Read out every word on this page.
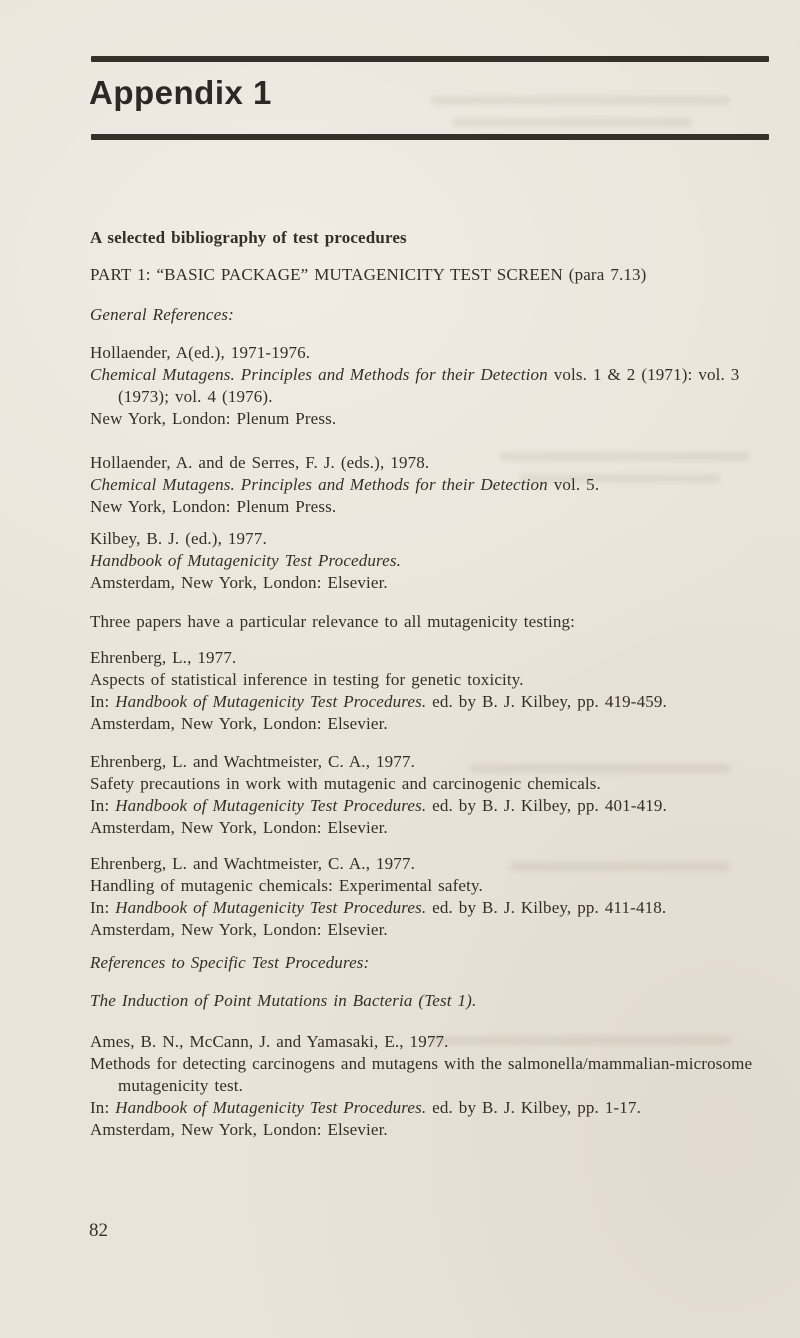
Appendix 1
A selected bibliography of test procedures
PART 1: “BASIC PACKAGE” MUTAGENICITY TEST SCREEN (para 7.13)
General References:
Hollaender, A(ed.), 1971-1976.
Chemical Mutagens. Principles and Methods for their Detection vols. 1 & 2 (1971): vol. 3
(1973); vol. 4 (1976).
New York, London: Plenum Press.
Hollaender, A. and de Serres, F. J. (eds.), 1978.
Chemical Mutagens. Principles and Methods for their Detection vol. 5.
New York, London: Plenum Press.
Kilbey, B. J. (ed.), 1977.
Handbook of Mutagenicity Test Procedures.
Amsterdam, New York, London: Elsevier.
Three papers have a particular relevance to all mutagenicity testing:
Ehrenberg, L., 1977.
Aspects of statistical inference in testing for genetic toxicity.
In: Handbook of Mutagenicity Test Procedures. ed. by B. J. Kilbey, pp. 419-459.
Amsterdam, New York, London: Elsevier.
Ehrenberg, L. and Wachtmeister, C. A., 1977.
Safety precautions in work with mutagenic and carcinogenic chemicals.
In: Handbook of Mutagenicity Test Procedures. ed. by B. J. Kilbey, pp. 401-419.
Amsterdam, New York, London: Elsevier.
Ehrenberg, L. and Wachtmeister, C. A., 1977.
Handling of mutagenic chemicals: Experimental safety.
In: Handbook of Mutagenicity Test Procedures. ed. by B. J. Kilbey, pp. 411-418.
Amsterdam, New York, London: Elsevier.
References to Specific Test Procedures:
The Induction of Point Mutations in Bacteria (Test 1).
Ames, B. N., McCann, J. and Yamasaki, E., 1977.
Methods for detecting carcinogens and mutagens with the salmonella/mammalian-microsome
mutagenicity test.
In: Handbook of Mutagenicity Test Procedures. ed. by B. J. Kilbey, pp. 1-17.
Amsterdam, New York, London: Elsevier.
82
